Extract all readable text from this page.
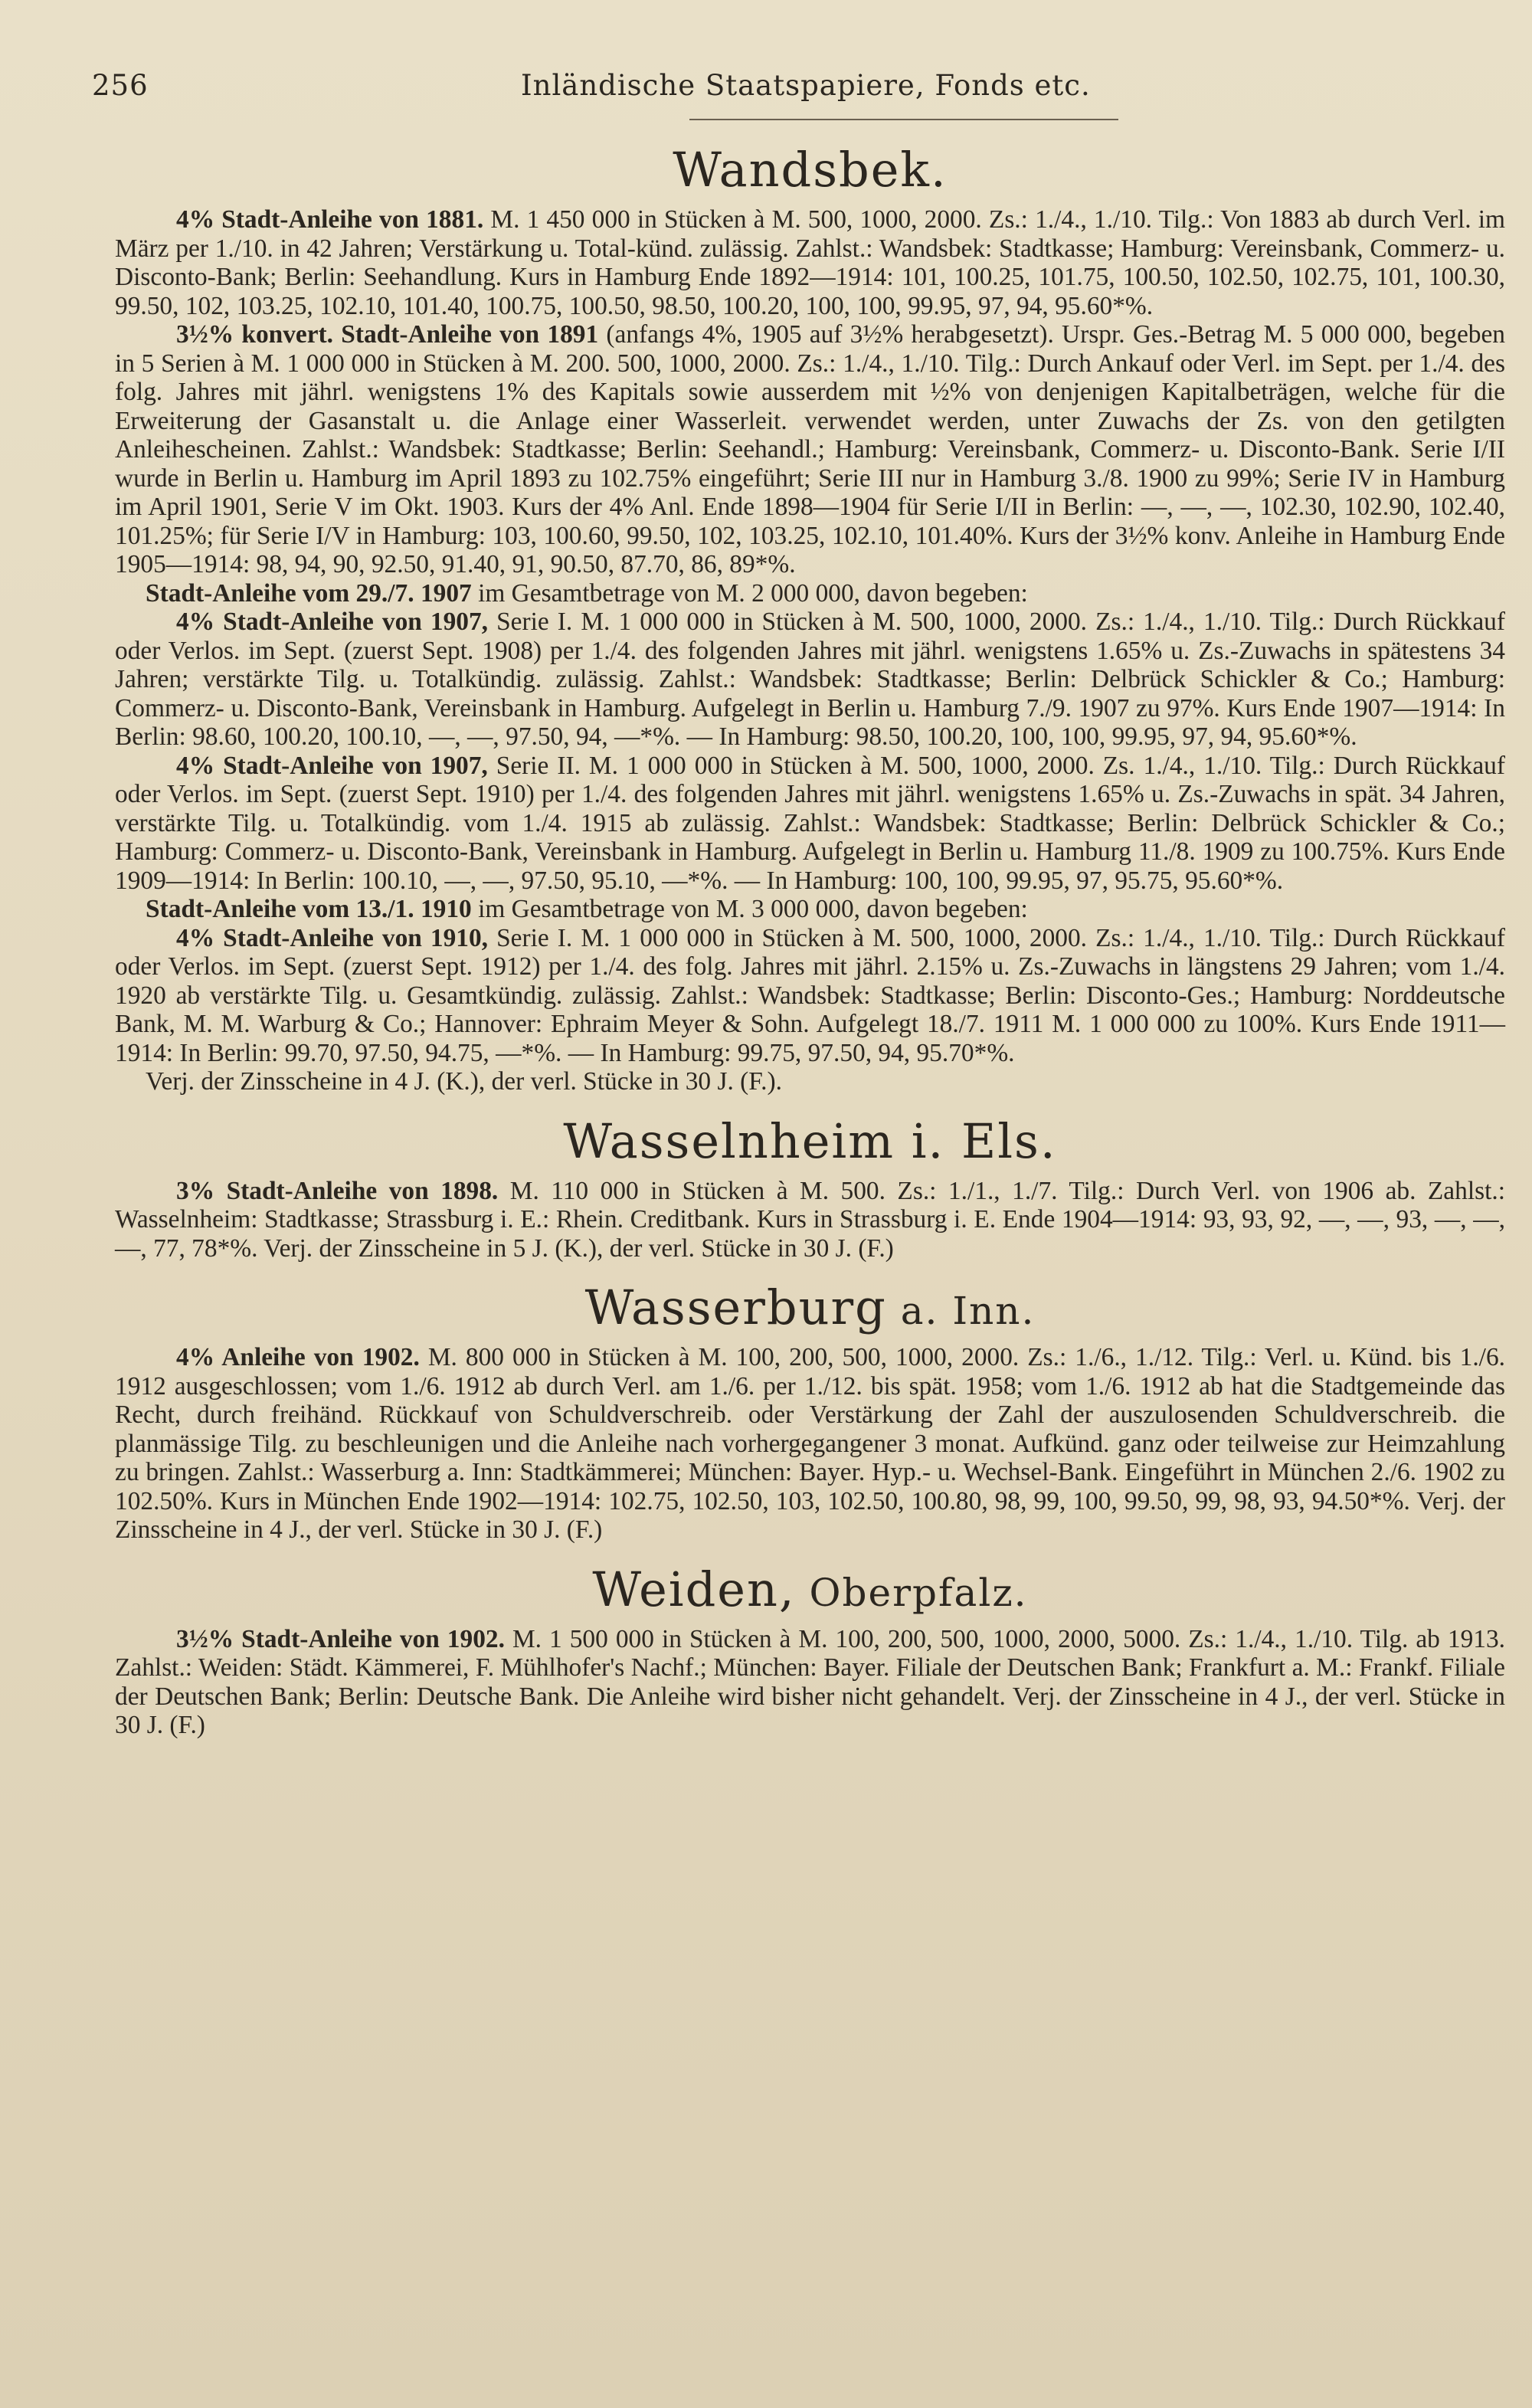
256	Inländische Staatspapiere, Fonds etc.
Wandsbek.

4% Stadt-Anleihe von 1881. M. 1 450 000 in Stücken à M. 500, 1000, 2000. Zs.: 1./4., 1./10. Tilg.: Von 1883 ab durch Verl. im März per 1./10. in 42 Jahren; Verstärkung u. Total-künd. zulässig. Zahlst.: Wandsbek: Stadtkasse; Hamburg: Vereinsbank, Commerz- u. Disconto-Bank; Berlin: Seehandlung. Kurs in Hamburg Ende 1892—1914: 101, 100.25, 101.75, 100.50, 102.50, 102.75, 101, 100.30, 99.50, 102, 103.25, 102.10, 101.40, 100.75, 100.50, 98.50, 100.20, 100, 100, 99.95, 97, 94, 95.60*%.

3½% konvert. Stadt-Anleihe von 1891 (anfangs 4%, 1905 auf 3½% herabgesetzt). Urspr. Ges.-Betrag M. 5 000 000, begeben in 5 Serien à M. 1 000 000 in Stücken à M. 200. 500, 1000, 2000. Zs.: 1./4., 1./10. Tilg.: Durch Ankauf oder Verl. im Sept. per 1./4. des folg. Jahres mit jährl. wenigstens 1% des Kapitals sowie ausserdem mit ½% von denjenigen Kapitalbeträgen, welche für die Erweiterung der Gasanstalt u. die Anlage einer Wasserleit. verwendet werden, unter Zuwachs der Zs. von den getilgten Anleihescheinen. Zahlst.: Wandsbek: Stadtkasse; Berlin: Seehandl.; Hamburg: Vereinsbank, Commerz- u. Disconto-Bank. Serie I/II wurde in Berlin u. Hamburg im April 1893 zu 102.75% eingeführt; Serie III nur in Hamburg 3./8. 1900 zu 99%; Serie IV in Hamburg im April 1901, Serie V im Okt. 1903. Kurs der 4% Anl. Ende 1898—1904 für Serie I/II in Berlin: —, —, —, 102.30, 102.90, 102.40, 101.25%; für Serie I/V in Hamburg: 103, 100.60, 99.50, 102, 103.25, 102.10, 101.40%. Kurs der 3½% konv. Anleihe in Hamburg Ende 1905—1914: 98, 94, 90, 92.50, 91.40, 91, 90.50, 87.70, 86, 89*%.

Stadt-Anleihe vom 29./7. 1907 im Gesamtbetrage von M. 2 000 000, davon begeben:

4% Stadt-Anleihe von 1907, Serie I. M. 1 000 000 in Stücken à M. 500, 1000, 2000. Zs.: 1./4., 1./10. Tilg.: Durch Rückkauf oder Verlos. im Sept. (zuerst Sept. 1908) per 1./4. des folgenden Jahres mit jährl. wenigstens 1.65% u. Zs.-Zuwachs in spätestens 34 Jahren; verstärkte Tilg. u. Totalkündig. zulässig. Zahlst.: Wandsbek: Stadtkasse; Berlin: Delbrück Schickler & Co.; Hamburg: Commerz- u. Disconto-Bank, Vereinsbank in Hamburg. Aufgelegt in Berlin u. Hamburg 7./9. 1907 zu 97%. Kurs Ende 1907—1914: In Berlin: 98.60, 100.20, 100.10, —, —, 97.50, 94, —*%. — In Hamburg: 98.50, 100.20, 100, 100, 99.95, 97, 94, 95.60*%.

4% Stadt-Anleihe von 1907, Serie II. M. 1 000 000 in Stücken à M. 500, 1000, 2000. Zs. 1./4., 1./10. Tilg.: Durch Rückkauf oder Verlos. im Sept. (zuerst Sept. 1910) per 1./4. des folgenden Jahres mit jährl. wenigstens 1.65% u. Zs.-Zuwachs in spät. 34 Jahren, verstärkte Tilg. u. Totalkündig. vom 1./4. 1915 ab zulässig. Zahlst.: Wandsbek: Stadtkasse; Berlin: Delbrück Schickler & Co.; Hamburg: Commerz- u. Disconto-Bank, Vereinsbank in Hamburg. Aufgelegt in Berlin u. Hamburg 11./8. 1909 zu 100.75%. Kurs Ende 1909—1914: In Berlin: 100.10, —, —, 97.50, 95.10, —*%. — In Hamburg: 100, 100, 99.95, 97, 95.75, 95.60*%.

Stadt-Anleihe vom 13./1. 1910 im Gesamtbetrage von M. 3 000 000, davon begeben:

4% Stadt-Anleihe von 1910, Serie I. M. 1 000 000 in Stücken à M. 500, 1000, 2000. Zs.: 1./4., 1./10. Tilg.: Durch Rückkauf oder Verlos. im Sept. (zuerst Sept. 1912) per 1./4. des folg. Jahres mit jährl. 2.15% u. Zs.-Zuwachs in längstens 29 Jahren; vom 1./4. 1920 ab verstärkte Tilg. u. Gesamtkündig. zulässig. Zahlst.: Wandsbek: Stadtkasse; Berlin: Disconto-Ges.; Hamburg: Norddeutsche Bank, M. M. Warburg & Co.; Hannover: Ephraim Meyer & Sohn. Aufgelegt 18./7. 1911 M. 1 000 000 zu 100%. Kurs Ende 1911—1914: In Berlin: 99.70, 97.50, 94.75, —*%. — In Hamburg: 99.75, 97.50, 94, 95.70*%.

Verj. der Zinsscheine in 4 J. (K.), der verl. Stücke in 30 J. (F.).

Wasselnheim i. Els.

3% Stadt-Anleihe von 1898. M. 110 000 in Stücken à M. 500. Zs.: 1./1., 1./7. Tilg.: Durch Verl. von 1906 ab. Zahlst.: Wasselnheim: Stadtkasse; Strassburg i. E.: Rhein. Creditbank. Kurs in Strassburg i. E. Ende 1904—1914: 93, 93, 92, —, —, 93, —, —, —, 77, 78*%. Verj. der Zinsscheine in 5 J. (K.), der verl. Stücke in 30 J. (F.)

Wasserburg a. Inn.

4% Anleihe von 1902. M. 800 000 in Stücken à M. 100, 200, 500, 1000, 2000. Zs.: 1./6., 1./12. Tilg.: Verl. u. Künd. bis 1./6. 1912 ausgeschlossen; vom 1./6. 1912 ab durch Verl. am 1./6. per 1./12. bis spät. 1958; vom 1./6. 1912 ab hat die Stadtgemeinde das Recht, durch freihänd. Rückkauf von Schuldverschreib. oder Verstärkung der Zahl der auszulosenden Schuldverschreib. die planmässige Tilg. zu beschleunigen und die Anleihe nach vorhergegangener 3 monat. Aufkünd. ganz oder teilweise zur Heimzahlung zu bringen. Zahlst.: Wasserburg a. Inn: Stadtkämmerei; München: Bayer. Hyp.- u. Wechsel-Bank. Eingeführt in München 2./6. 1902 zu 102.50%. Kurs in München Ende 1902—1914: 102.75, 102.50, 103, 102.50, 100.80, 98, 99, 100, 99.50, 99, 98, 93, 94.50*%. Verj. der Zinsscheine in 4 J., der verl. Stücke in 30 J. (F.)

Weiden, Oberpfalz.

3½% Stadt-Anleihe von 1902. M. 1 500 000 in Stücken à M. 100, 200, 500, 1000, 2000, 5000. Zs.: 1./4., 1./10. Tilg. ab 1913. Zahlst.: Weiden: Städt. Kämmerei, F. Mühlhofer's Nachf.; München: Bayer. Filiale der Deutschen Bank; Frankfurt a. M.: Frankf. Filiale der Deutschen Bank; Berlin: Deutsche Bank. Die Anleihe wird bisher nicht gehandelt. Verj. der Zinsscheine in 4 J., der verl. Stücke in 30 J. (F.)
